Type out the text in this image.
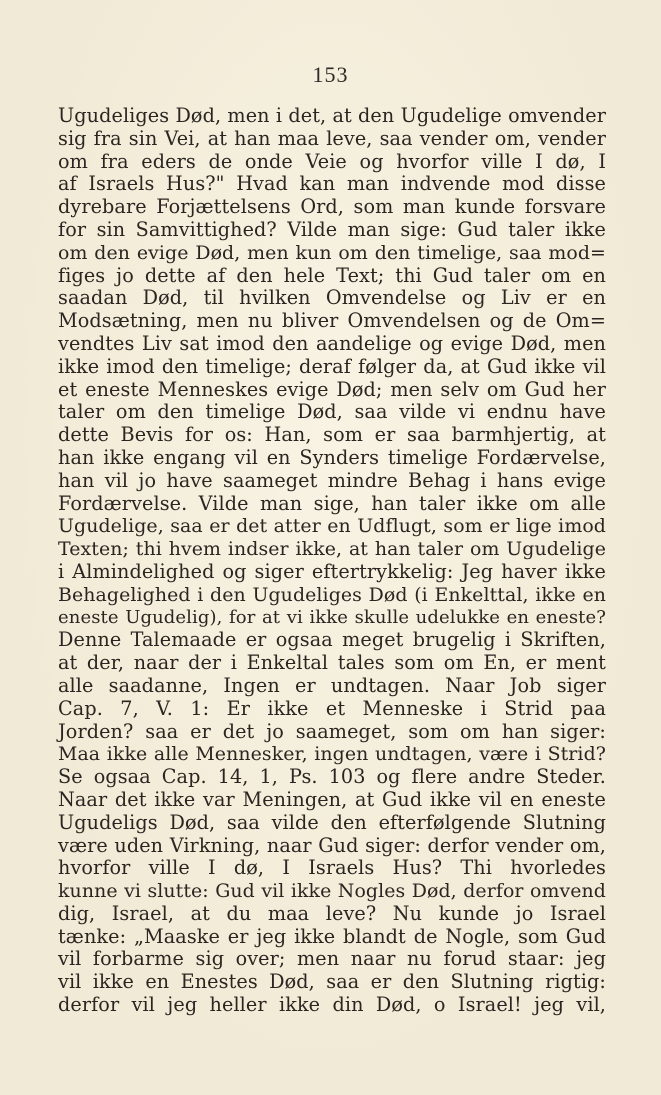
153
Ugudeliges Død, men i det, at den Ugudelige omvender
sig fra sin Vei, at han maa leve, saa vender om, vender
om fra eders de onde Veie og hvorfor ville I dø, I
af Israels Hus?" Hvad kan man indvende mod disse
dyrebare Forjættelsens Ord, som man kunde forsvare
for sin Samvittighed? Vilde man sige: Gud taler ikke
om den evige Død, men kun om den timelige, saa mod=
figes jo dette af den hele Text; thi Gud taler om en
saadan Død, til hvilken Omvendelse og Liv er en
Modsætning, men nu bliver Omvendelsen og de Om=
vendtes Liv sat imod den aandelige og evige Død, men
ikke imod den timelige; deraf følger da, at Gud ikke vil
et eneste Menneskes evige Død; men selv om Gud her
taler om den timelige Død, saa vilde vi endnu have
dette Bevis for os: Han, som er saa barmhjertig, at
han ikke engang vil en Synders timelige Fordærvelse,
han vil jo have saameget mindre Behag i hans evige
Fordærvelse. Vilde man sige, han taler ikke om alle
Ugudelige, saa er det atter en Udflugt, som er lige imod
Texten; thi hvem indser ikke, at han taler om Ugudelige
i Almindelighed og siger eftertrykkelig: Jeg haver ikke
Behagelighed i den Ugudeliges Død (i Enkelttal, ikke en
eneste Ugudelig), for at vi ikke skulle udelukke en eneste?
Denne Talemaade er ogsaa meget brugelig i Skriften,
at der, naar der i Enkeltal tales som om En, er ment
alle saadanne, Ingen er undtagen. Naar Job siger
Cap. 7, V. 1: Er ikke et Menneske i Strid paa
Jorden? saa er det jo saameget, som om han siger:
Maa ikke alle Mennesker, ingen undtagen, være i Strid?
Se ogsaa Cap. 14, 1, Ps. 103 og flere andre Steder.
Naar det ikke var Meningen, at Gud ikke vil en eneste
Ugudeligs Død, saa vilde den efterfølgende Slutning
være uden Virkning, naar Gud siger: derfor vender om,
hvorfor ville I dø, I Israels Hus? Thi hvorledes
kunne vi slutte: Gud vil ikke Nogles Død, derfor omvend
dig, Israel, at du maa leve? Nu kunde jo Israel
tænke: „Maaske er jeg ikke blandt de Nogle, som Gud
vil forbarme sig over; men naar nu forud staar: jeg
vil ikke en Enestes Død, saa er den Slutning rigtig:
derfor vil jeg heller ikke din Død, o Israel! jeg vil,
